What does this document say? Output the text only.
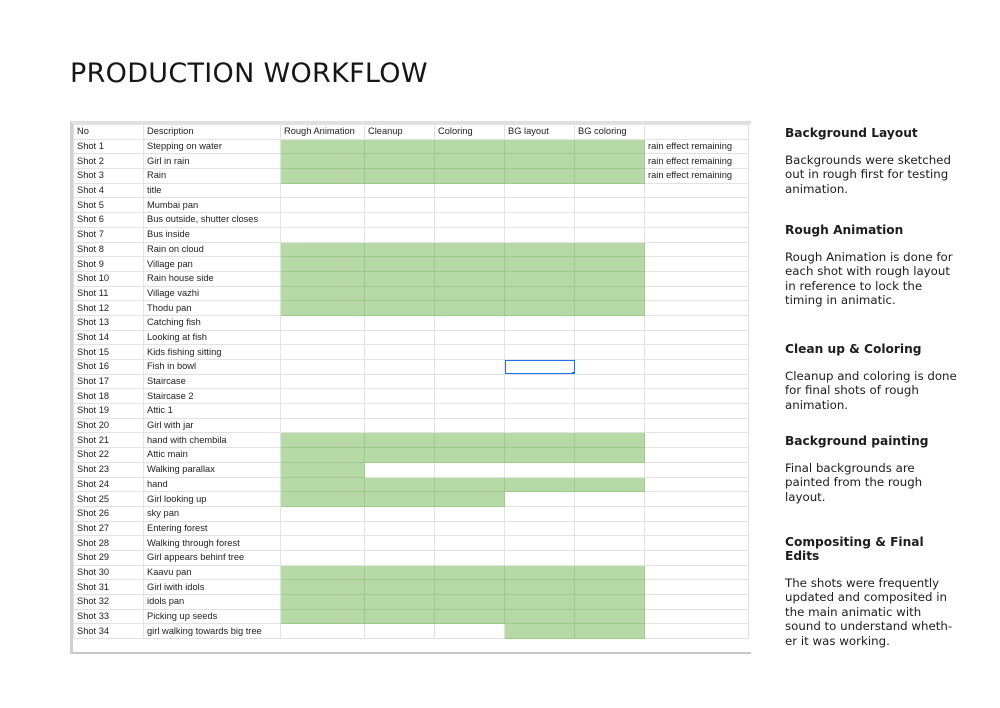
PRODUCTION WORKFLOW
No	Description	Rough Animation	Cleanup	Coloring	BG layout	BG coloring	
Shot 1	Stepping on water						rain effect remaining
Shot 2	Girl in rain						rain effect remaining
Shot 3	Rain						rain effect remaining
Shot 4	title						
Shot 5	Mumbai pan						
Shot 6	Bus outside, shutter closes						
Shot 7	Bus inside						
Shot 8	Rain on cloud						
Shot 9	Village pan						
Shot 10	Rain house side						
Shot 11	Village vazhi						
Shot 12	Thodu pan						
Shot 13	Catching fish						
Shot 14	Looking at fish						
Shot 15	Kids fishing sitting						
Shot 16	Fish in bowl						
Shot 17	Staircase						
Shot 18	Staircase 2						
Shot 19	Attic 1						
Shot 20	Girl with jar						
Shot 21	hand with chembila						
Shot 22	Attic main						
Shot 23	Walking parallax						
Shot 24	hand						
Shot 25	Girl looking up						
Shot 26	sky pan						
Shot 27	Entering forest						
Shot 28	Walking through forest						
Shot 29	Girl appears behinf tree						
Shot 30	Kaavu pan						
Shot 31	Girl iwith idols						
Shot 32	idols pan						
Shot 33	Picking up seeds						
Shot 34	girl walking towards big tree						
Background Layout

Backgrounds were sketched out in rough first for testing animation.

Rough Animation

Rough Animation is done for each shot with rough layout in reference to lock the timing in animatic.

Clean up & Coloring

Cleanup and coloring is done for final shots of rough animation.

Background painting

Final backgrounds are painted from the rough layout.

Compositing & Final Edits

The shots were frequently updated and composited in the main animatic with sound to understand wheth-er it was working.
